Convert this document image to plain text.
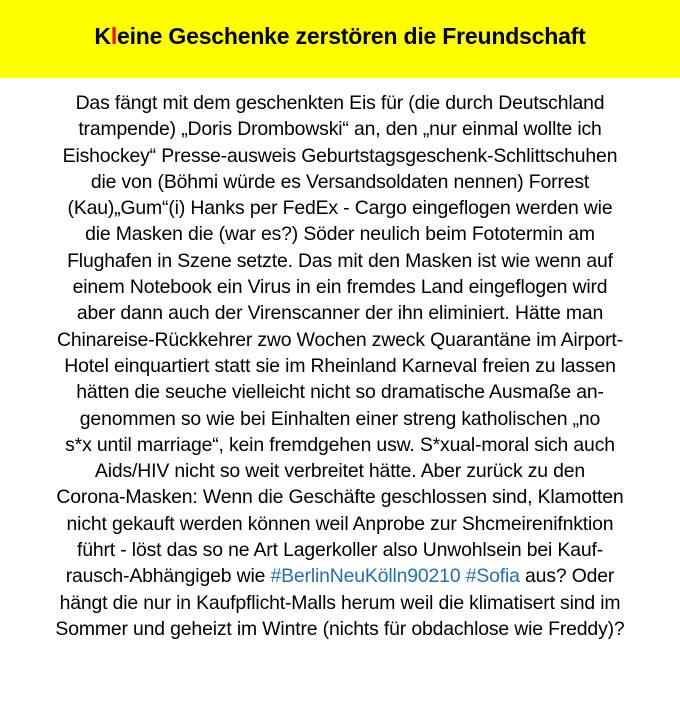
Kleine Geschenke zerstören die Freundschaft
Das fängt mit dem geschenkten Eis für (die durch Deutschland
trampende) „Doris Drombowski“ an, den „nur einmal wollte ich
Eishockey“ Presse-ausweis Geburtstagsgeschenk-Schlittschuhen
die von (Böhmi würde es Versandsoldaten nennen) Forrest
(Kau)„Gum“(i) Hanks per FedEx - Cargo eingeflogen werden wie
die Masken die (war es?) Söder neulich beim Fototermin am
Flughafen in Szene setzte. Das mit den Masken ist wie wenn auf
einem Notebook ein Virus in ein fremdes Land eingeflogen wird
aber dann auch der Virenscanner der ihn eliminiert. Hätte man
Chinareise-Rückkehrer zwo Wochen zweck Quarantäne im Airport-
Hotel einquartiert statt sie im Rheinland Karneval freien zu lassen
hätten die seuche vielleicht nicht so dramatische Ausmaße an-
genommen so wie bei Einhalten einer streng katholischen „no
s*x until marriage“, kein fremdgehen usw. S*xual-moral sich auch
Aids/HIV nicht so weit verbreitet hätte. Aber zurück zu den
Corona-Masken: Wenn die Geschäfte geschlossen sind, Klamotten
nicht gekauft werden können weil Anprobe zur Shcmeirenifnktion
führt - löst das so ne Art Lagerkoller also Unwohlsein bei Kauf-
rausch-Abhängigeb wie #BerlinNeuKölln90210 #Sofia aus? Oder
hängt die nur in Kaufpflicht-Malls herum weil die klimatisert sind im
Sommer und geheizt im Wintre (nichts für obdachlose wie Freddy)?
